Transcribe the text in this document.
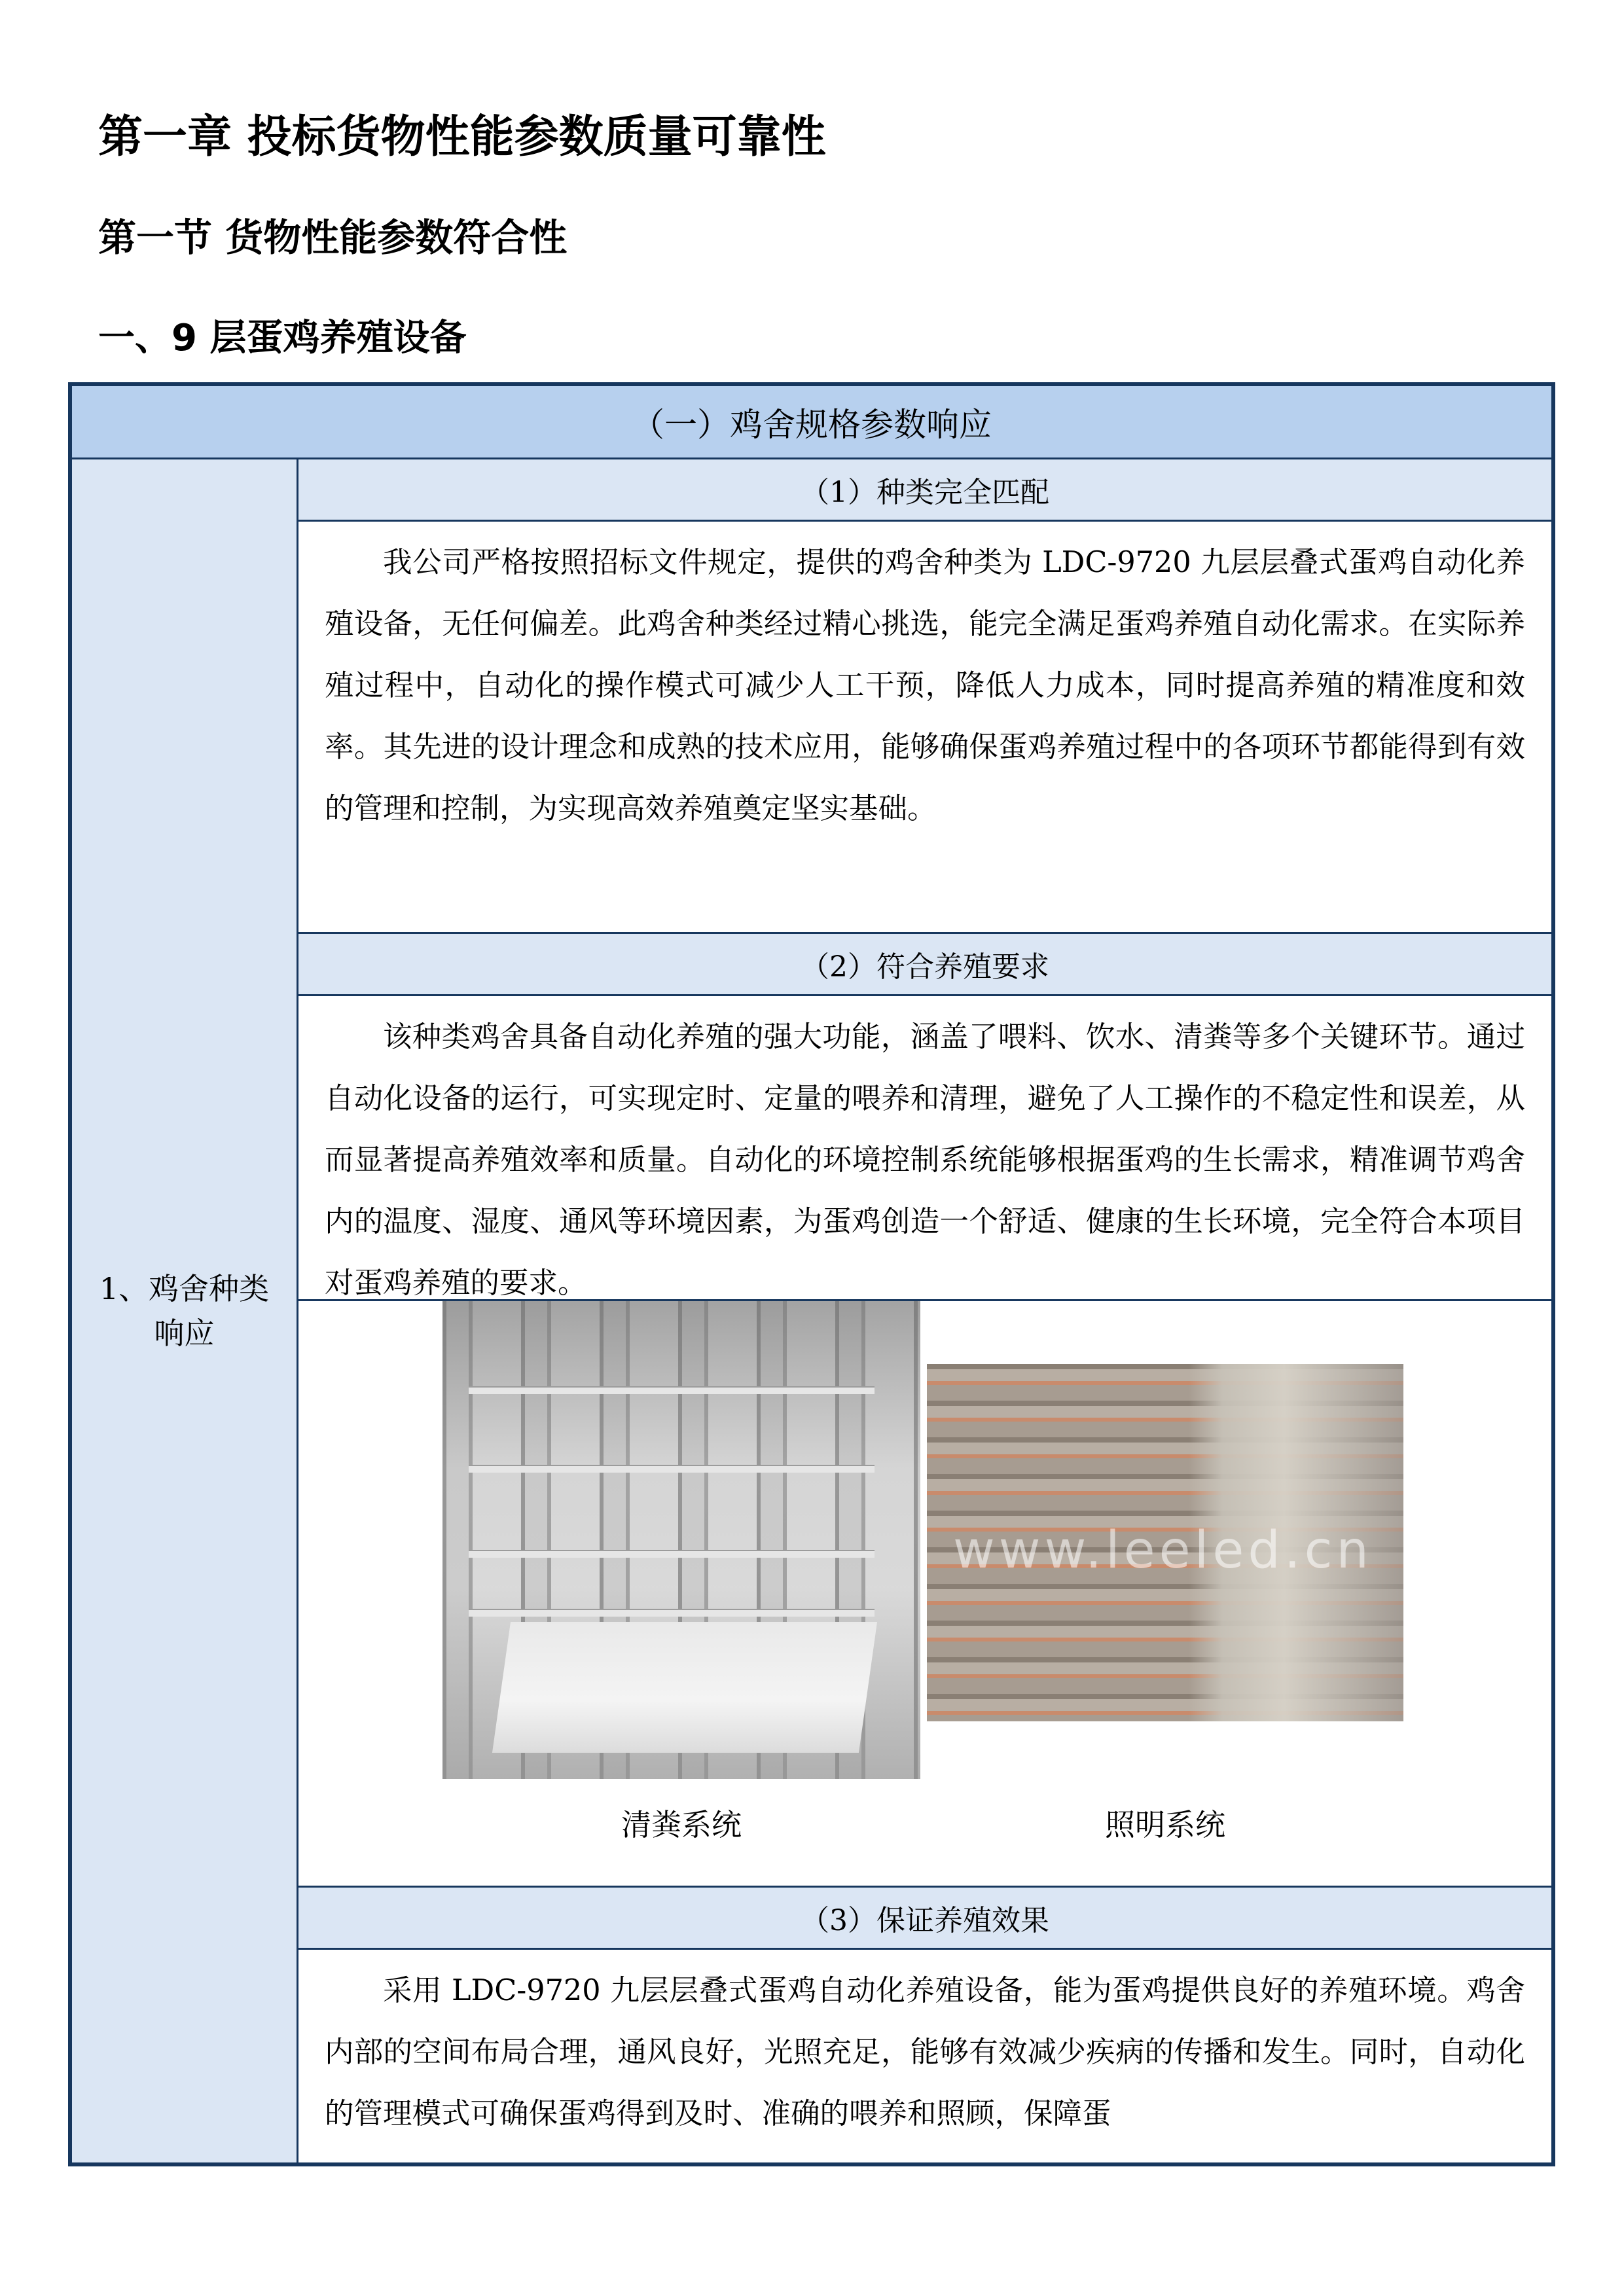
第一章 投标货物性能参数质量可靠性
第一节 货物性能参数符合性
一、9 层蛋鸡养殖设备
（一）鸡舍规格参数响应
1、鸡舍种类响应
（1）种类完全匹配

我公司严格按照招标文件规定，提供的鸡舍种类为 LDC-9720 九层层叠式蛋鸡自动化养殖设备，无任何偏差。此鸡舍种类经过精心挑选，能完全满足蛋鸡养殖自动化需求。在实际养殖过程中，自动化的操作模式可减少人工干预，降低人力成本，同时提高养殖的精准度和效率。其先进的设计理念和成熟的技术应用，能够确保蛋鸡养殖过程中的各项环节都能得到有效的管理和控制，为实现高效养殖奠定坚实基础。

（2）符合养殖要求

该种类鸡舍具备自动化养殖的强大功能，涵盖了喂料、饮水、清粪等多个关键环节。通过自动化设备的运行，可实现定时、定量的喂养和清理，避免了人工操作的不稳定性和误差，从而显著提高养殖效率和质量。自动化的环境控制系统能够根据蛋鸡的生长需求，精准调节鸡舍内的温度、湿度、通风等环境因素，为蛋鸡创造一个舒适、健康的生长环境，完全符合本项目对蛋鸡养殖的要求。

www.leeled.cn
清粪系统	照明系统
（3）保证养殖效果

采用 LDC-9720 九层层叠式蛋鸡自动化养殖设备，能为蛋鸡提供良好的养殖环境。鸡舍内部的空间布局合理，通风良好，光照充足，能够有效减少疾病的传播和发生。同时，自动化的管理模式可确保蛋鸡得到及时、准确的喂养和照顾，保障蛋
